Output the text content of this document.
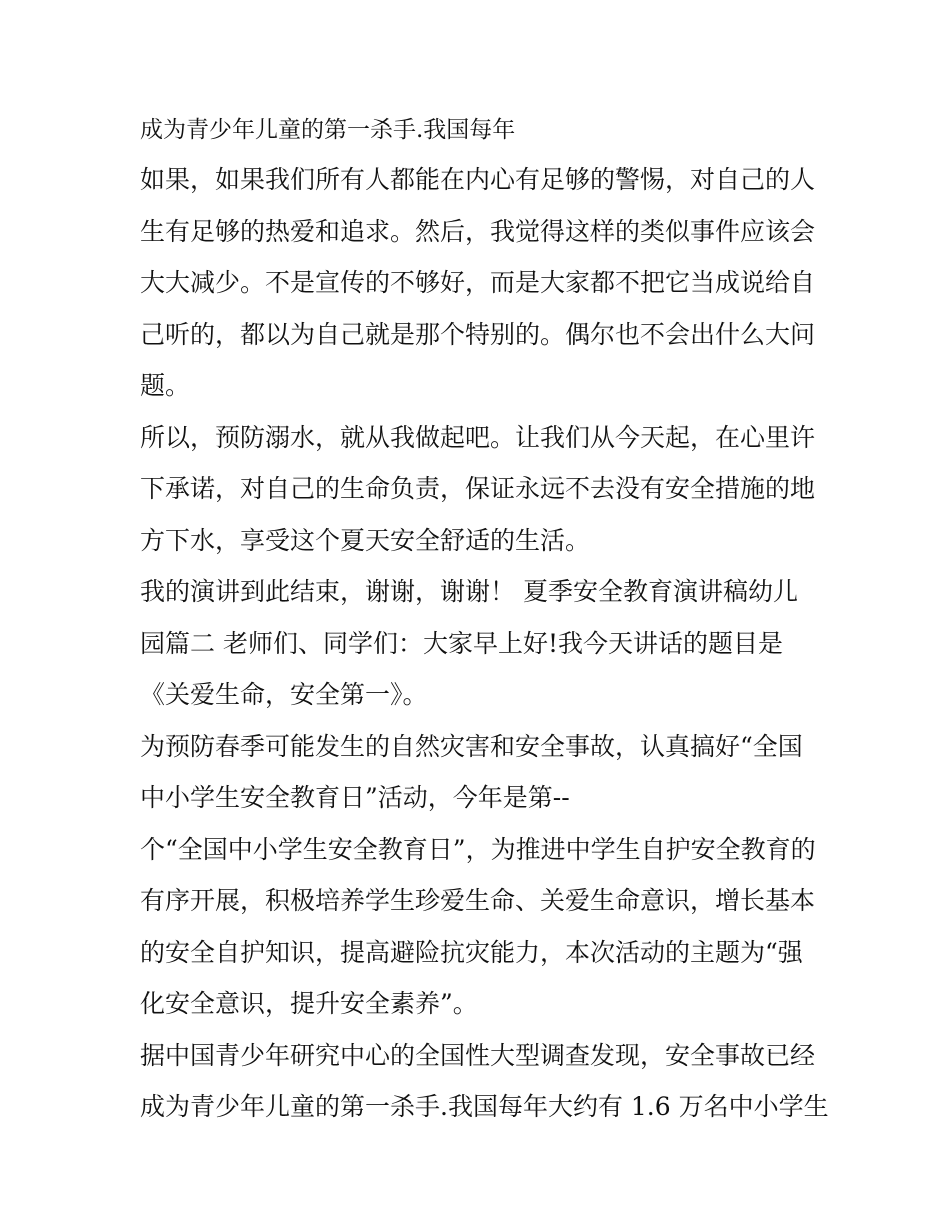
成为青少年儿童的第一杀手.我国每年
如果，如果我们所有人都能在内心有足够的警惕，对自己的人
生有足够的热爱和追求。然后，我觉得这样的类似事件应该会
大大减少。不是宣传的不够好，而是大家都不把它当成说给自
己听的，都以为自己就是那个特别的。偶尔也不会出什么大问
题。
所以，预防溺水，就从我做起吧。让我们从今天起，在心里许
下承诺，对自己的生命负责，保证永远不去没有安全措施的地
方下水，享受这个夏天安全舒适的生活。
我的演讲到此结束，谢谢，谢谢！ 夏季安全教育演讲稿幼儿
园篇二 老师们、同学们：大家早上好!我今天讲话的题目是
《关爱生命，安全第一》。
为预防春季可能发生的自然灾害和安全事故，认真搞好“全国
中小学生安全教育日”活动，今年是第--
个“全国中小学生安全教育日”，为推进中学生自护安全教育的
有序开展，积极培养学生珍爱生命、关爱生命意识，增长基本
的安全自护知识，提高避险抗灾能力，本次活动的主题为“强
化安全意识，提升安全素养”。
据中国青少年研究中心的全国性大型调查发现，安全事故已经
成为青少年儿童的第一杀手.我国每年大约有 1.6 万名中小学生
